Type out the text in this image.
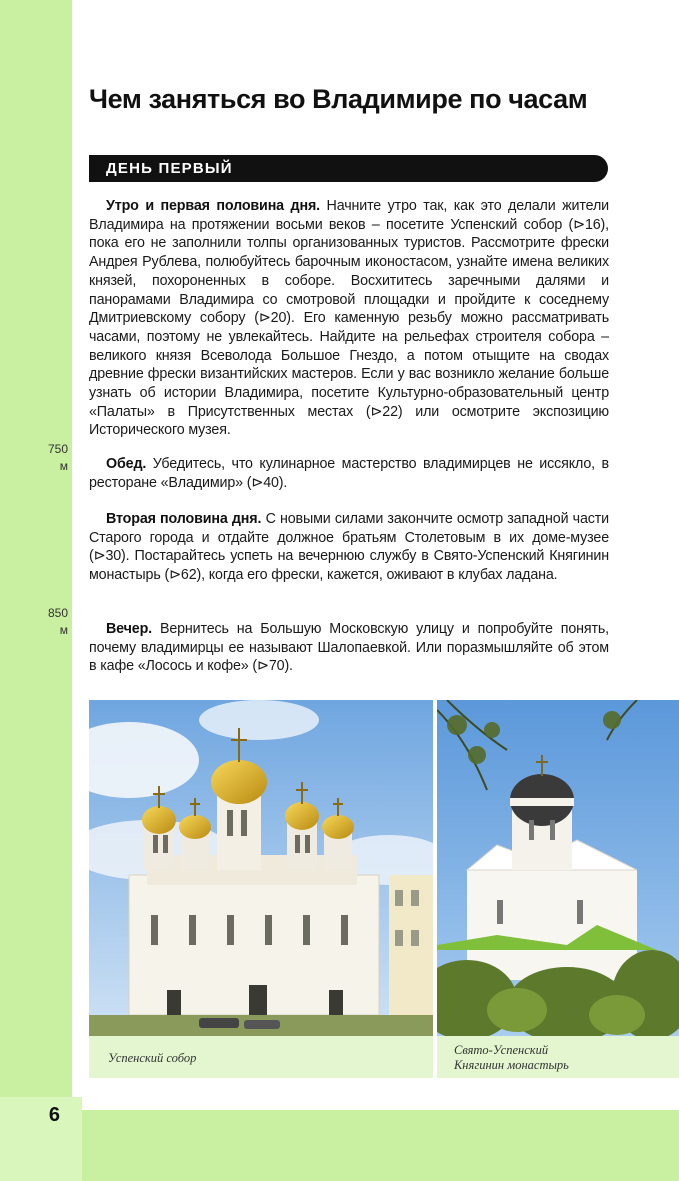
6
Чем заняться во Владимире по часам
ДЕНЬ ПЕРВЫЙ

Утро и первая половина дня. Начните утро так, как это делали жители Владимира на протяжении восьми веков – посетите Успенский собор (⊳16), пока его не заполнили толпы организованных туристов. Рассмотрите фрески Андрея Рублева, полюбуйтесь барочным иконостасом, узнайте имена великих князей, похороненных в соборе. Восхититесь заречными далями и панорамами Владимира со смотровой площадки и пройдите к соседнему Дмитриевскому собору (⊳20). Его каменную резьбу можно рассматривать часами, поэтому не увлекайтесь. Найдите на рельефах строителя собора – великого князя Всеволода Большое Гнездо, а потом отыщите на сводах древние фрески византийских мастеров. Если у вас возникло желание больше узнать об истории Владимира, посетите Культурно-образовательный центр «Палаты» в Присутственных местах (⊳22) или осмотрите экспозицию Исторического музея.

750
м	Обед. Убедитесь, что кулинарное мастерство владимирцев не иссякло, в ресторане «Владимир» (⊳40).

Вторая половина дня. С новыми силами закончите осмотр западной части Старого города и отдайте должное братьям Столетовым в их доме-музее (⊳30). Постарайтесь успеть на вечернюю службу в Свято-Успенский Княгинин монастырь (⊳62), когда его фрески, кажется, оживают в клубах ладана.

850
м	Вечер. Вернитесь на Большую Московскую улицу и попробуйте понять, почему владимирцы ее называют Шалопаевкой. Или поразмышляйте об этом в кафе «Лосось и кофе» (⊳70).

Успенский собор
Свято-Успенский Княгинин монастырь
